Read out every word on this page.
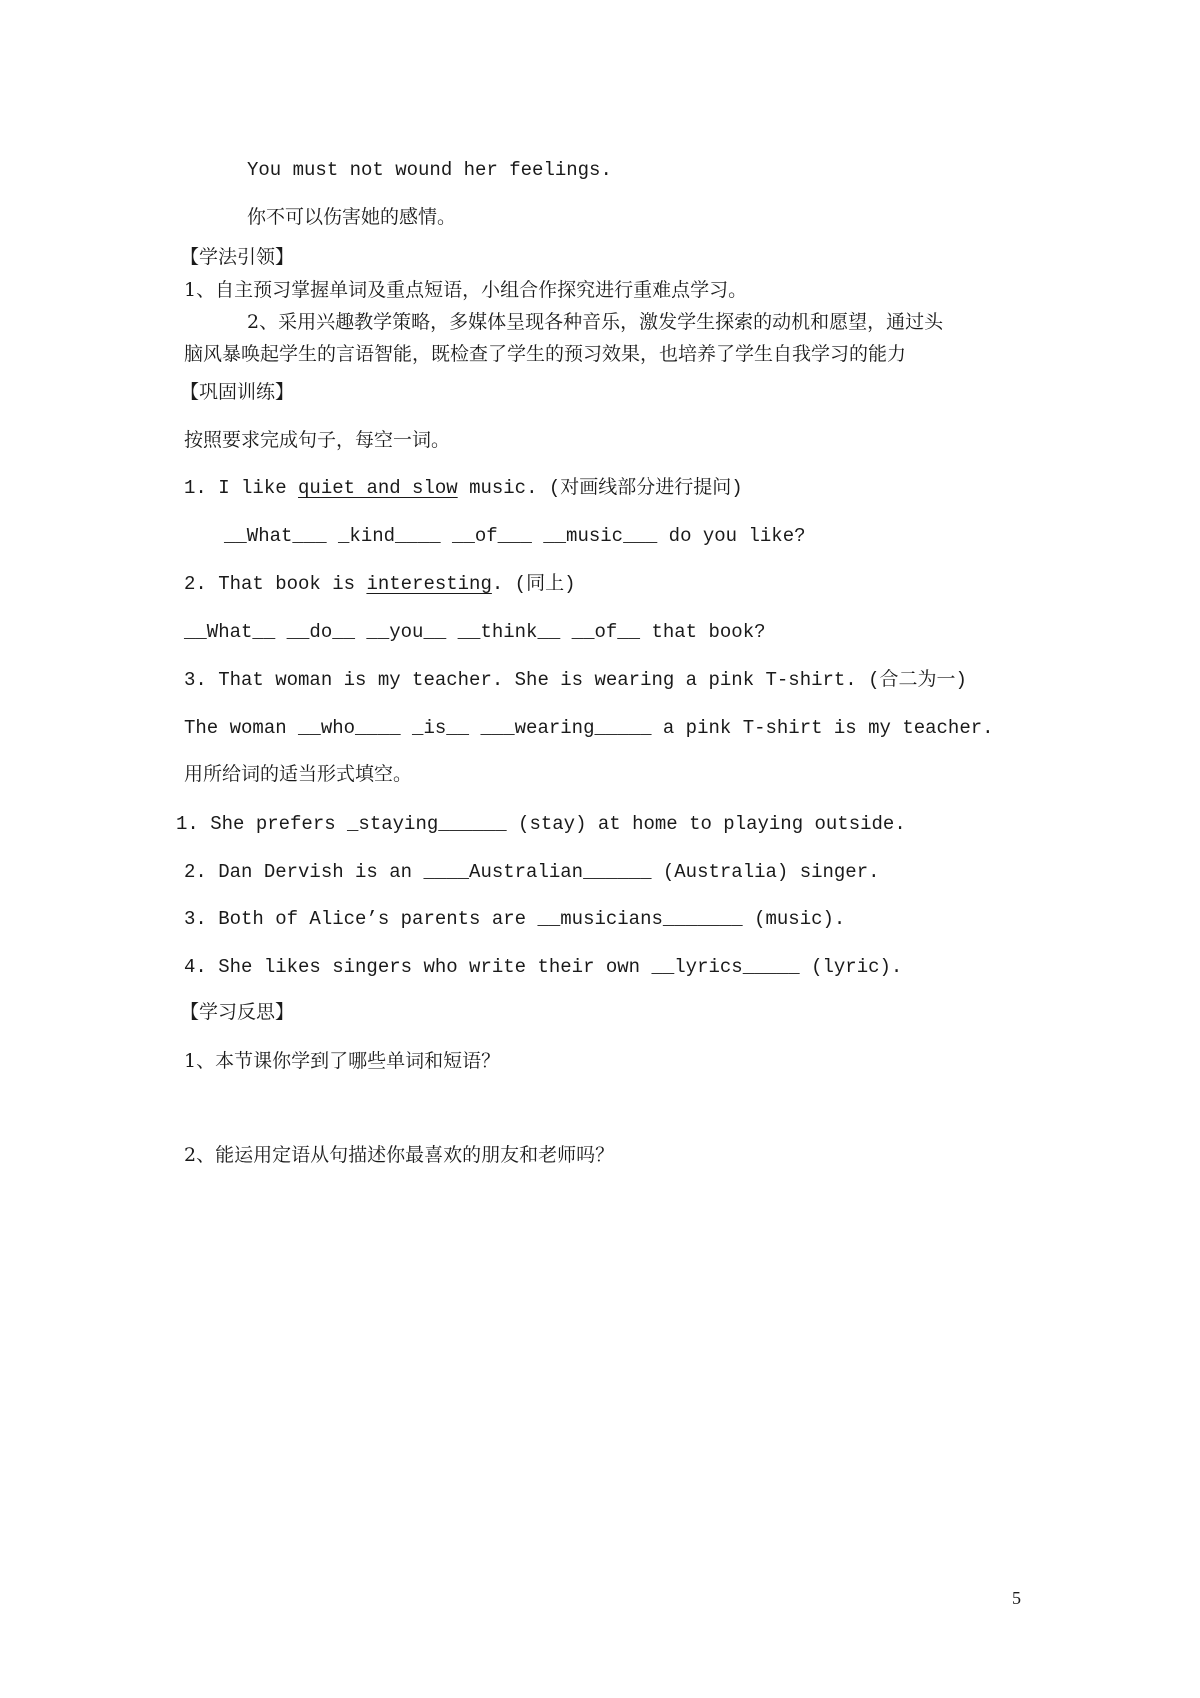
You must not wound her feelings.
你不可以伤害她的感情。
【学法引领】
1、自主预习掌握单词及重点短语，小组合作探究进行重难点学习。
2、采用兴趣教学策略，多媒体呈现各种音乐，激发学生探索的动机和愿望，通过头
脑风暴唤起学生的言语智能，既检查了学生的预习效果，也培养了学生自我学习的能力
【巩固训练】
按照要求完成句子，每空一词。
1. I like quiet and slow music. (对画线部分进行提问)
__What___ _kind____ __of___ __music___ do you like?
2. That book is interesting. (同上)
__What__ __do__ __you__ __think__ __of__ that book?
3. That woman is my teacher. She is wearing a pink T-shirt. (合二为一)
The woman __who____ _is__ ___wearing_____ a pink T-shirt is my teacher.
用所给词的适当形式填空。
1. She prefers _staying______ (stay) at home to playing outside.
2. Dan Dervish is an ____Australian______ (Australia) singer.
3. Both of Alice’s parents are __musicians_______ (music).
4. She likes singers who write their own __lyrics_____ (lyric).
【学习反思】
1、本节课你学到了哪些单词和短语？
2、能运用定语从句描述你最喜欢的朋友和老师吗？
5
